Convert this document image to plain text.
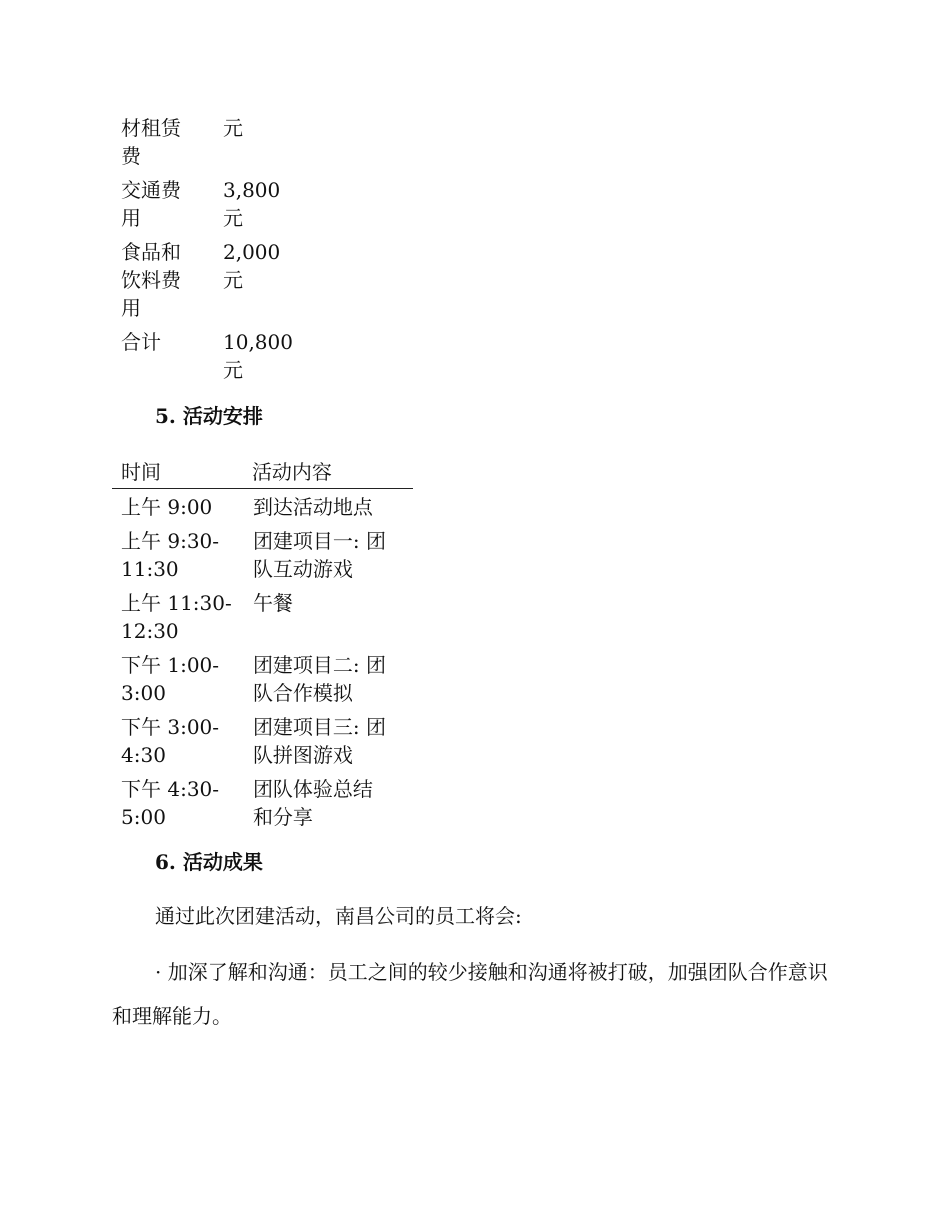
材租赁
费	元

交通费
用	3,800
元

食品和
饮料费
用	2,000
元

合计	10,800
元
5. 活动安排
时间	活动内容

上午 9:00	到达活动地点

上午 9:30-
11:30	团建项目一: 团
队互动游戏

上午 11:30-
12:30	午餐

下午 1:00-
3:00	团建项目二: 团
队合作模拟

下午 3:00-
4:30	团建项目三: 团
队拼图游戏

下午 4:30-
5:00	团队体验总结
和分享
6. 活动成果

通过此次团建活动，南昌公司的员工将会:

· 加深了解和沟通：员工之间的较少接触和沟通将被打破，加强团队合作意识和理解能力。
